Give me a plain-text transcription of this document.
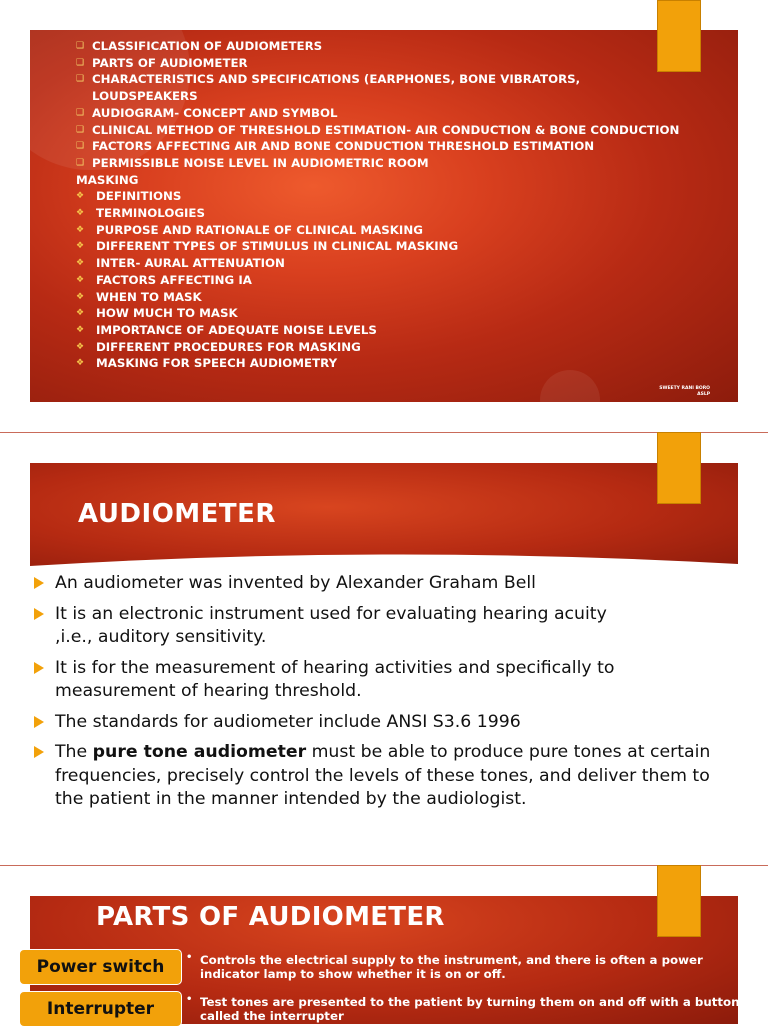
❑ CLASSIFICATION OF AUDIOMETERS
❑ PARTS OF AUDIOMETER
❑ CHARACTERISTICS AND SPECIFICATIONS (EARPHONES, BONE VIBRATORS, LOUDSPEAKERS
❑ AUDIOGRAM- CONCEPT AND SYMBOL
❑ CLINICAL METHOD OF THRESHOLD ESTIMATION- AIR CONDUCTION & BONE CONDUCTION
❑ FACTORS AFFECTING AIR AND BONE CONDUCTION THRESHOLD ESTIMATION
❑ PERMISSIBLE NOISE LEVEL IN AUDIOMETRIC ROOM
MASKING
❖ DEFINITIONS
❖ TERMINOLOGIES
❖ PURPOSE AND RATIONALE OF CLINICAL MASKING
❖ DIFFERENT TYPES OF STIMULUS IN CLINICAL MASKING
❖ INTER- AURAL ATTENUATION
❖ FACTORS AFFECTING IA
❖ WHEN TO MASK
❖ HOW MUCH TO MASK
❖ IMPORTANCE OF ADEQUATE NOISE LEVELS
❖ DIFFERENT PROCEDURES FOR MASKING
❖ MASKING FOR SPEECH AUDIOMETRY
SWEETY RANI BORO
ASLP
AUDIOMETER
An audiometer was invented by Alexander Graham Bell
It is an electronic instrument used for evaluating hearing acuity ,i.e., auditory sensitivity.
It is for the measurement of hearing activities and specifically to measurement of hearing threshold.
The standards for audiometer include ANSI S3.6 1996
The pure tone audiometer must be able to produce pure tones at certain frequencies, precisely control the levels of these tones, and deliver them to the patient in the manner intended by the audiologist.
PARTS OF AUDIOMETER
Power switch	• Controls the electrical supply to the instrument, and there is often a power indicator lamp to show whether it is on or off.
Interrupter	• Test tones are presented to the patient by turning them on and off with a button called the interrupter
